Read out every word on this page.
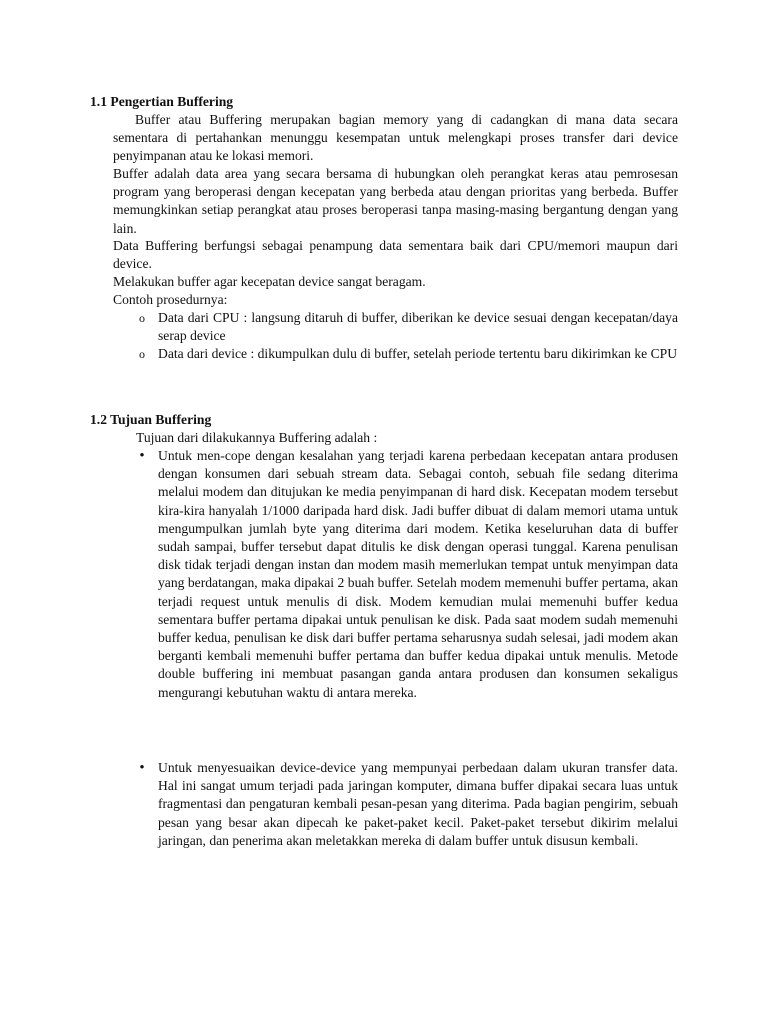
1.1 Pengertian Buffering
Buffer atau Buffering merupakan bagian memory yang di cadangkan di mana data secara sementara di pertahankan menunggu kesempatan untuk melengkapi proses transfer dari device penyimpanan atau ke lokasi memori.
Buffer adalah data area yang secara bersama di hubungkan oleh perangkat keras atau pemrosesan program yang beroperasi dengan kecepatan yang berbeda atau dengan prioritas yang berbeda. Buffer memungkinkan setiap perangkat atau proses beroperasi tanpa masing-masing bergantung dengan yang lain.
Data Buffering berfungsi sebagai penampung data sementara baik dari CPU/memori maupun dari device.
Melakukan buffer agar kecepatan device sangat beragam.
Contoh prosedurnya:
o Data dari CPU : langsung ditaruh di buffer, diberikan ke device sesuai dengan kecepatan/daya serap device
o Data dari device : dikumpulkan dulu di buffer, setelah periode tertentu baru dikirimkan ke CPU
1.2 Tujuan Buffering
Tujuan dari dilakukannya Buffering adalah :
• Untuk men-cope dengan kesalahan yang terjadi karena perbedaan kecepatan antara produsen dengan konsumen dari sebuah stream data. Sebagai contoh, sebuah file sedang diterima melalui modem dan ditujukan ke media penyimpanan di hard disk. Kecepatan modem tersebut kira-kira hanyalah 1/1000 daripada hard disk. Jadi buffer dibuat di dalam memori utama untuk mengumpulkan jumlah byte yang diterima dari modem. Ketika keseluruhan data di buffer sudah sampai, buffer tersebut dapat ditulis ke disk dengan operasi tunggal. Karena penulisan disk tidak terjadi dengan instan dan modem masih memerlukan tempat untuk menyimpan data yang berdatangan, maka dipakai 2 buah buffer. Setelah modem memenuhi buffer pertama, akan terjadi request untuk menulis di disk. Modem kemudian mulai memenuhi buffer kedua sementara buffer pertama dipakai untuk penulisan ke disk. Pada saat modem sudah memenuhi buffer kedua, penulisan ke disk dari buffer pertama seharusnya sudah selesai, jadi modem akan berganti kembali memenuhi buffer pertama dan buffer kedua dipakai untuk menulis. Metode double buffering ini membuat pasangan ganda antara produsen dan konsumen sekaligus mengurangi kebutuhan waktu di antara mereka.
• Untuk menyesuaikan device-device yang mempunyai perbedaan dalam ukuran transfer data. Hal ini sangat umum terjadi pada jaringan komputer, dimana buffer dipakai secara luas untuk fragmentasi dan pengaturan kembali pesan-pesan yang diterima. Pada bagian pengirim, sebuah pesan yang besar akan dipecah ke paket-paket kecil. Paket-paket tersebut dikirim melalui jaringan, dan penerima akan meletakkan mereka di dalam buffer untuk disusun kembali.
